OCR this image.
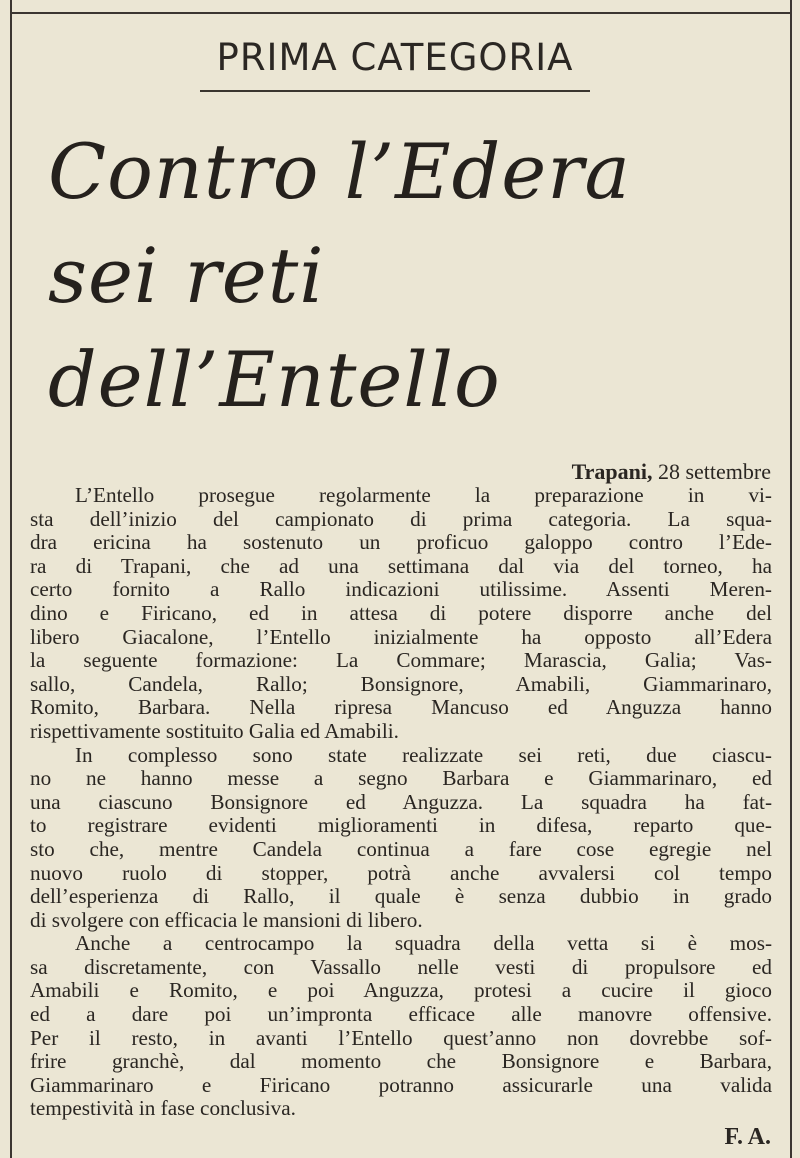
PRIMA CATEGORIA
Contro l’Edera
sei reti
dell’Entello
Trapani, 28 settembre
L’Entello prosegue regolarmente la preparazione in vi-
sta dell’inizio del campionato di prima categoria. La squa-
dra ericina ha sostenuto un proficuo galoppo contro l’Ede-
ra di Trapani, che ad una settimana dal via del torneo, ha
certo fornito a Rallo indicazioni utilissime. Assenti Meren-
dino e Firicano, ed in attesa di potere disporre anche del
libero Giacalone, l’Entello inizialmente ha opposto all’Edera
la seguente formazione: La Commare; Marascia, Galia; Vas-
sallo, Candela, Rallo; Bonsignore, Amabili, Giammarinaro,
Romito, Barbara. Nella ripresa Mancuso ed Anguzza hanno
rispettivamente sostituito Galia ed Amabili.
In complesso sono state realizzate sei reti, due ciascu-
no ne hanno messe a segno Barbara e Giammarinaro, ed
una ciascuno Bonsignore ed Anguzza. La squadra ha fat-
to registrare evidenti miglioramenti in difesa, reparto que-
sto che, mentre Candela continua a fare cose egregie nel
nuovo ruolo di stopper, potrà anche avvalersi col tempo
dell’esperienza di Rallo, il quale è senza dubbio in grado
di svolgere con efficacia le mansioni di libero.
Anche a centrocampo la squadra della vetta si è mos-
sa discretamente, con Vassallo nelle vesti di propulsore ed
Amabili e Romito, e poi Anguzza, protesi a cucire il gioco
ed a dare poi un’impronta efficace alle manovre offensive.
Per il resto, in avanti l’Entello quest’anno non dovrebbe sof-
frire granchè, dal momento che Bonsignore e Barbara,
Giammarinaro e Firicano potranno assicurarle una valida
tempestività in fase conclusiva.
F. A.
